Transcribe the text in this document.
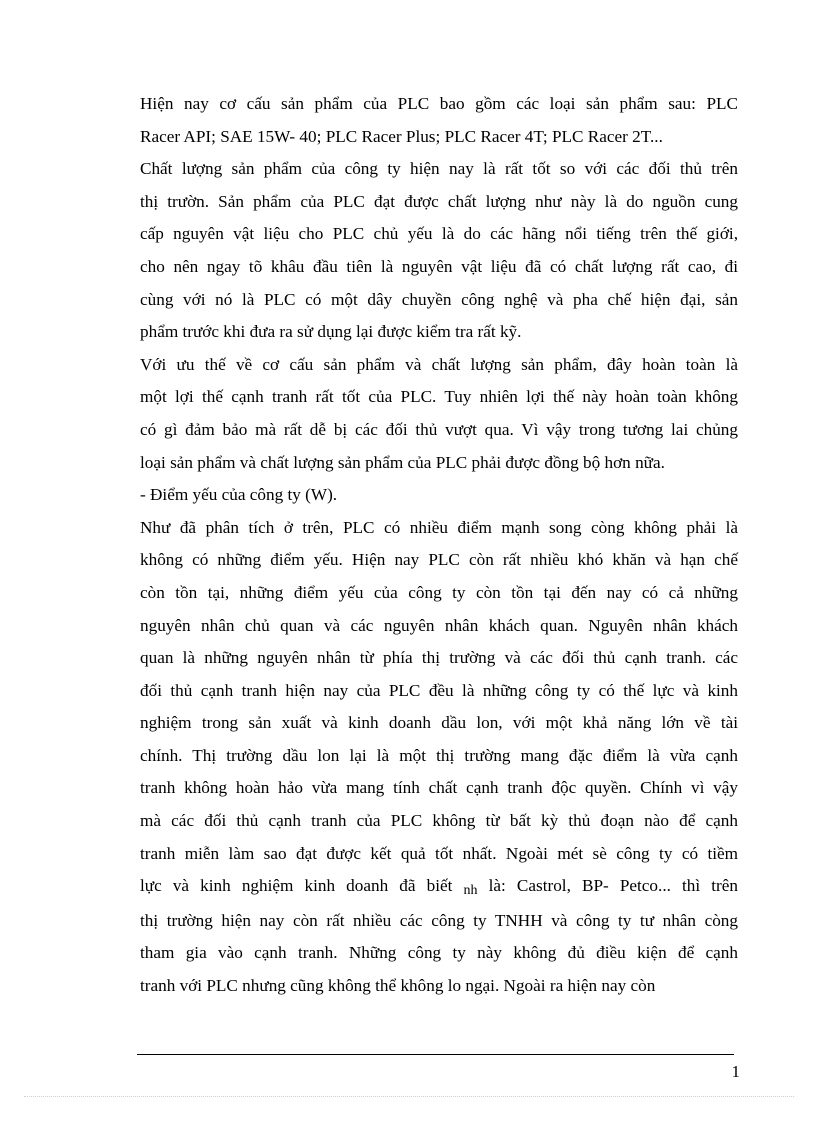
Hiện nay cơ cấu sản phẩm của PLC bao gồm các loại sản phẩm sau: PLC
Racer API; SAE 15W- 40; PLC Racer Plus; PLC Racer 4T; PLC Racer 2T...

Chất lượng sản phẩm của công ty hiện nay là rất tốt so với các đối thủ trên
thị trườn. Sản phẩm của PLC đạt được chất lượng như này là do nguồn cung
cấp nguyên vật liệu cho PLC chủ yếu là do các hãng nổi tiếng trên thế giới,
cho nên ngay tõ khâu đầu tiên là nguyên vật liệu đã có chất lượng rất cao, đi
cùng với nó là PLC có một dây chuyền công nghệ và pha chế hiện đại, sản
phẩm trước khi đưa ra sử dụng lại được kiểm tra rất kỹ.

Với ưu thế về cơ cấu sản phẩm và chất lượng sản phẩm, đây hoàn toàn là
một lợi thế cạnh tranh rất tốt của PLC. Tuy nhiên lợi thế này hoàn toàn không
có gì đảm bảo mà rất dễ bị các đối thủ vượt qua. Vì vậy trong tương lai chủng
loại sản phẩm và chất lượng sản phẩm của PLC phải được đồng bộ hơn nữa.

- Điểm yếu của công ty (W).

Như đã phân tích ở trên, PLC có nhiều điểm mạnh song còng không phải là
không có những điểm yếu. Hiện nay PLC còn rất nhiều khó khăn và hạn chế
còn tồn tại, những điểm yếu của công ty còn tồn tại đến nay có cả những
nguyên nhân chủ quan và các nguyên nhân khách quan. Nguyên nhân khách
quan là những nguyên nhân từ phía thị trường và các đối thủ cạnh tranh. các
đối thủ cạnh tranh hiện nay của PLC đều là những công ty có thế lực và kinh
nghiệm trong sản xuất và kinh doanh dầu lon, với một khả năng lớn về tài
chính. Thị trường dầu lon lại là một thị trường mang đặc điểm là vừa cạnh
tranh không hoàn hảo vừa mang tính chất cạnh tranh độc quyền. Chính vì vậy
mà các đối thủ cạnh tranh của PLC không từ bất kỳ thủ đoạn nào để cạnh
tranh miễn làm sao đạt được kết quả tốt nhất. Ngoài mét sè công ty có tiềm
lực và kinh nghiệm kinh doanh đã biết nh là: Castrol, BP- Petco... thì trên
thị trường hiện nay còn rất nhiều các công ty TNHH và công ty tư nhân còng
tham gia vào cạnh tranh. Những công ty này không đủ điều kiện để cạnh
tranh với PLC nhưng cũng không thể không lo ngại. Ngoài ra hiện nay còn

1
